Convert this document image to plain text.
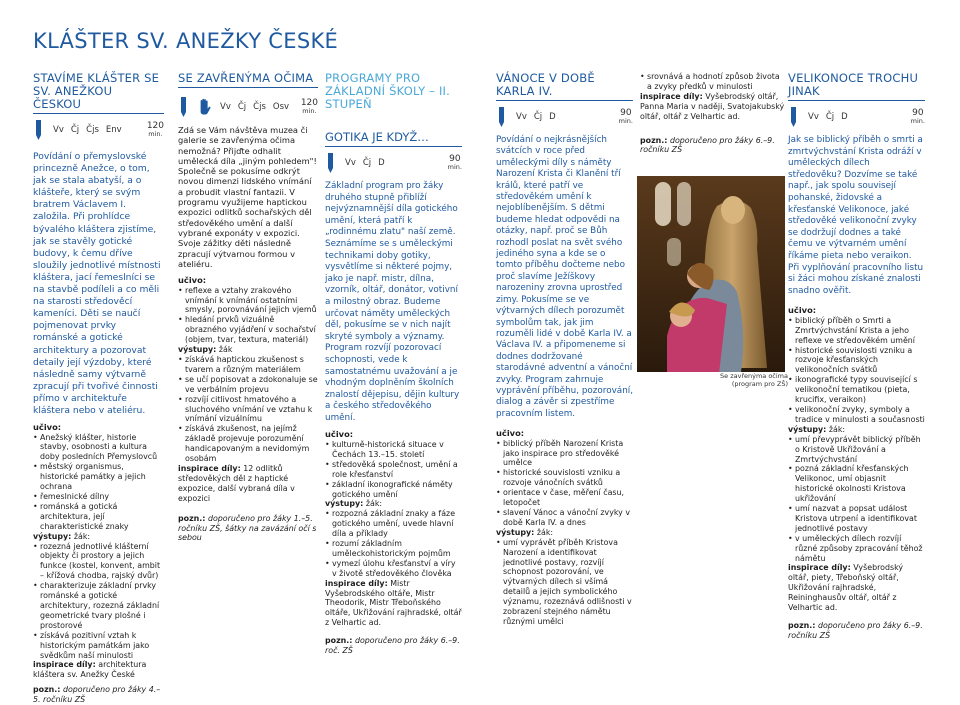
KLÁŠTER SV. ANEŽKY ČESKÉ
STAVÍME KLÁŠTER SE SV. ANEŽKOU ČESKOU
Vv Čj Čjs Env	120
min.
Povídání o přemyslovské princezně Anežce, o tom, jak se stala abatyší, a o klášteře, který se svým bratrem Václavem I. založila. Při prohlídce bývalého kláštera zjistíme, jak se stavěly gotické budovy, k čemu dříve sloužily jednotlivé místnosti kláštera, jací řemeslníci se na stavbě podíleli a co měli na starosti středověcí kameníci. Děti se naučí pojmenovat prvky románské a gotické architektury a pozorovat detaily její výzdoby, které následně samy výtvarně zpracují při tvořivé činnosti přímo v architektuře kláštera nebo v ateliéru.
učivo:
• Anežský klášter, historie stavby, osobnosti a kultura doby posledních Přemyslovců
• městský organismus, historické památky a jejich ochrana
• řemeslnické dílny
• románská a gotická architektura, její charakteristické znaky
výstupy: žák:
• rozezná jednotlivé klášterní objekty či prostory a jejich funkce (kostel, konvent, ambit – křížová chodba, rajský dvůr)
• charakterizuje základní prvky románské a gotické architektury, rozezná základní geometrické tvary plošné i prostorové
• získává pozitivní vztah k historickým památkám jako svědkům naší minulosti
inspirace díly: architektura kláštera sv. Anežky České
pozn.: doporučeno pro žáky 4.–5. ročníku ZŠ
SE ZAVŘENÝMA OČIMA
Vv Čj Čjs Osv 120
min.
Zdá se Vám návštěva muzea či galerie se zavřenýma očima nemožná? Přijďte odhalit umělecká díla „jiným pohledem"! Společně se pokusíme odkrýt novou dimenzi lidského vnímání a probudit vlastní fantazii. V programu využijeme haptickou expozici odlitků sochařských děl středověkého umění a další vybrané exponáty v expozici. Svoje zážitky děti následně zpracují výtvarnou formou v ateliéru.
učivo:
• reflexe a vztahy zrakového vnímání k vnímání ostatními smysly, porovnávání jejich vjemů
• hledání prvků vizuálně obrazného vyjádření v sochařství (objem, tvar, textura, materiál)
výstupy: žák
• získává haptickou zkušenost s tvarem a různým materiálem
• se učí popisovat a zdokonaluje se ve verbálním projevu
• rozvíjí citlivost hmatového a sluchového vnímání ve vztahu k vnímání vizuálnímu
• získává zkušenost, na jejímž základě projevuje porozumění handicapovaným a nevidomým osobám
inspirace díly: 12 odlitků středověkých děl z haptické expozice, další vybraná díla v expozici
pozn.: doporučeno pro žáky 1.–5. ročníku ZŠ, šátky na zavázání očí s sebou
PROGRAMY PRO ZÁKLADNÍ ŠKOLY – II. STUPEŇ
GOTIKA JE KDYŽ…
Vv Čj D	90
min.
Základní program pro žáky druhého stupně přiblíží nejvýznamnější díla gotického umění, která patří k „rodinnému zlatu" naší země. Seznámíme se s uměleckými technikami doby gotiky, vysvětlíme si některé pojmy, jako je např. mistr, dílna, vzorník, oltář, donátor, votivní a milostný obraz. Budeme určovat náměty uměleckých děl, pokusíme se v nich najít skryté symboly a významy. Program rozvíjí pozorovací schopnosti, vede k samostatnému uvažování a je vhodným doplněním školních znalostí dějepisu, dějin kultury a českého středověkého umění.
učivo:
• kulturně-historická situace v Čechách 13.–15. století
• středověká společnost, umění a role křesťanství
• základní ikonografické náměty gotického umění
výstupy: žák:
• rozpozná základní znaky a fáze gotického umění, uvede hlavní díla a příklady
• rozumí základním uměleckohistorickým pojmům
• vymezí úlohu křesťanství a víry v životě středověkého člověka
inspirace díly: Mistr Vyšebrodského oltáře, Mistr Theodorik, Mistr Třeboňského oltáře, Ukřižování rajhradské, oltář z Velhartic ad.
pozn.: doporučeno pro žáky 6.–9. roč. ZŠ
VÁNOCE V DOBĚ KARLA IV.
Vv Čj D	90
min.
Povídání o nejkrásnějších svátcích v roce před uměleckými díly s náměty Narození Krista či Klanění tří králů, které patří ve středověkém umění k nejoblíbenějším. S dětmi budeme hledat odpovědi na otázky, např. proč se Bůh rozhodl poslat na svět svého jediného syna a kde se o tomto příběhu dočteme nebo proč slavíme Ježíškovy narozeniny zrovna uprostřed zimy. Pokusíme se ve výtvarných dílech porozumět symbolům tak, jak jim rozuměli lidé v době Karla IV. a Václava IV. a připomeneme si dodnes dodržované starodávné adventní a vánoční zvyky. Program zahrnuje vyprávění příběhu, pozorování, dialog a závěr si zpestříme pracovním listem.
učivo:
• biblický příběh Narození Krista jako inspirace pro středověké umělce
• historické souvislosti vzniku a rozvoje vánočních svátků
• orientace v čase, měření času, letopočet
• slavení Vánoc a vánoční zvyky v době Karla IV. a dnes
výstupy: žák:
• umí vyprávět příběh Kristova Narození a identifikovat jednotlivé postavy, rozvíjí schopnost pozorování, ve výtvarných dílech si všímá detailů a jejich symbolického významu, rozeznává odlišnosti v zobrazení stejného námětu různými umělci
• srovnává a hodnotí způsob života a zvyky předků v minulosti
inspirace díly: Vyšebrodský oltář, Panna Maria v naději, Svatojakubský oltář, oltář z Velhartic ad.
pozn.: doporučeno pro žáky 6.–9. ročníku ZŠ
Se zavřenýma očima (program pro ZŠ)
VELIKONOCE TROCHU JINAK
Vv Čj D	90
min.
Jak se biblický příběh o smrti a zmrtvýchvstání Krista odráží v uměleckých dílech středověku? Dozvíme se také např., jak spolu souvisejí pohanské, židovské a křesťanské Velikonoce, jaké středověké velikonoční zvyky se dodržují dodnes a také čemu ve výtvarném umění říkáme pieta nebo veraikon. Při vyplňování pracovního listu si žáci mohou získané znalosti snadno ověřit.
učivo:
• biblický příběh o Smrti a Zmrtvýchvstání Krista a jeho reflexe ve středověkém umění
• historické souvislosti vzniku a rozvoje křesťanských velikonočních svátků
• ikonografické typy související s velikonoční tematikou (pieta, krucifix, veraikon)
• velikonoční zvyky, symboly a tradice v minulosti a současnosti
výstupy: žák:
• umí převyprávět biblický příběh o Kristově Ukřižování a Zmrtvýchvstání
• pozná základní křesťanských Velikonoc, umí objasnit historické okolnosti Kristova ukřižování
• umí nazvat a popsat událost Kristova utrpení a identifikovat jednotlivé postavy
• v uměleckých dílech rozvíjí různé způsoby zpracování těhož námětu
inspirace díly: Vyšebrodský oltář, piety, Třeboňský oltář, Ukřižování rajhradské, Reininghausův oltář, oltář z Velhartic ad.
pozn.: doporučeno pro žáky 6.–9. ročníku ZŠ
